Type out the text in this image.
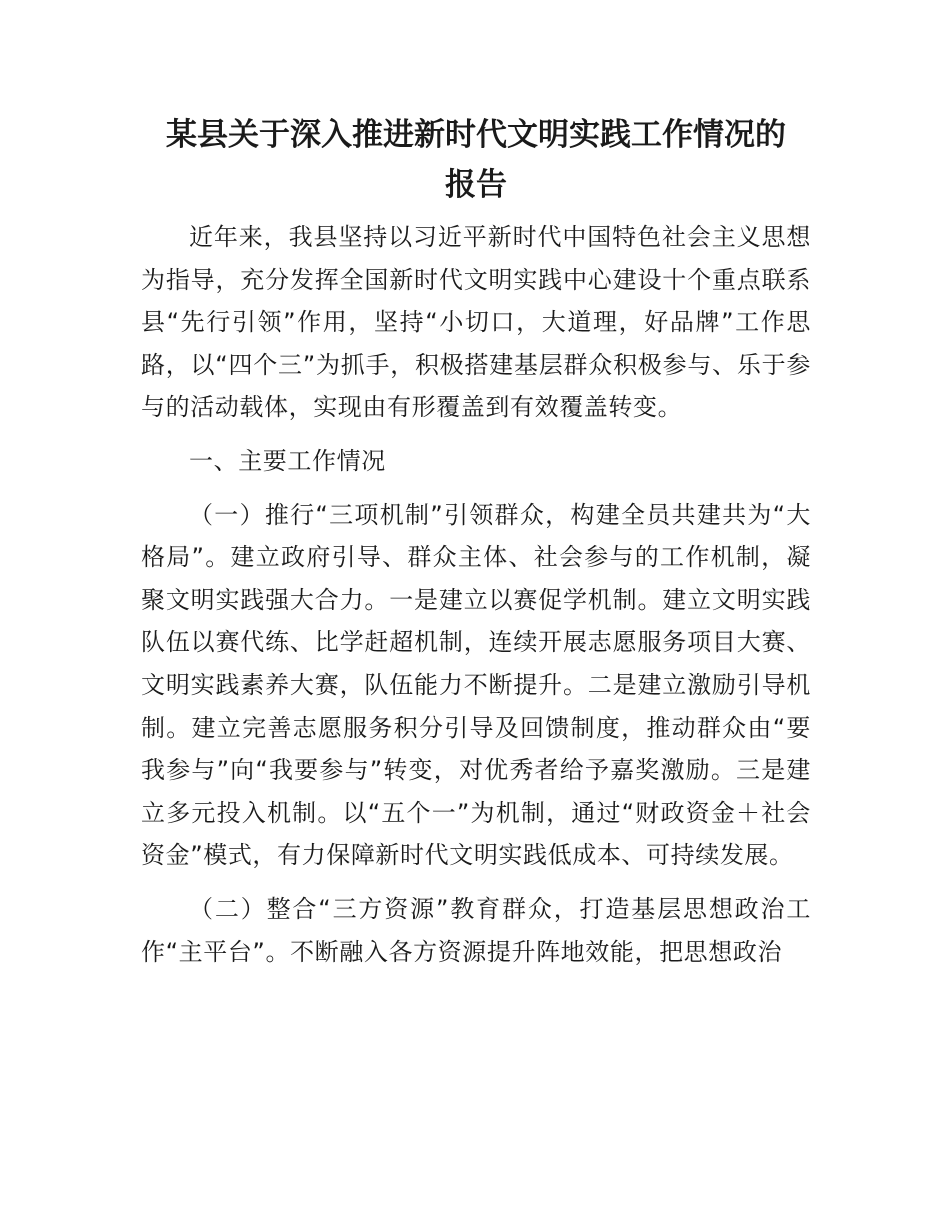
某县关于深入推进新时代文明实践工作情况的
报告

近年来，我县坚持以习近平新时代中国特色社会主义思想为指导，充分发挥全国新时代文明实践中心建设十个重点联系县“先行引领”作用，坚持“小切口，大道理，好品牌”工作思路，以“四个三”为抓手，积极搭建基层群众积极参与、乐于参与的活动载体，实现由有形覆盖到有效覆盖转变。

一、主要工作情况

（一）推行“三项机制”引领群众，构建全员共建共为“大格局”。建立政府引导、群众主体、社会参与的工作机制，凝聚文明实践强大合力。一是建立以赛促学机制。建立文明实践队伍以赛代练、比学赶超机制，连续开展志愿服务项目大赛、文明实践素养大赛，队伍能力不断提升。二是建立激励引导机制。建立完善志愿服务积分引导及回馈制度，推动群众由“要我参与”向“我要参与”转变，对优秀者给予嘉奖激励。三是建立多元投入机制。以“五个一”为机制，通过“财政资金＋社会资金”模式，有力保障新时代文明实践低成本、可持续发展。

（二）整合“三方资源”教育群众，打造基层思想政治工作“主平台”。不断融入各方资源提升阵地效能，把思想政治
